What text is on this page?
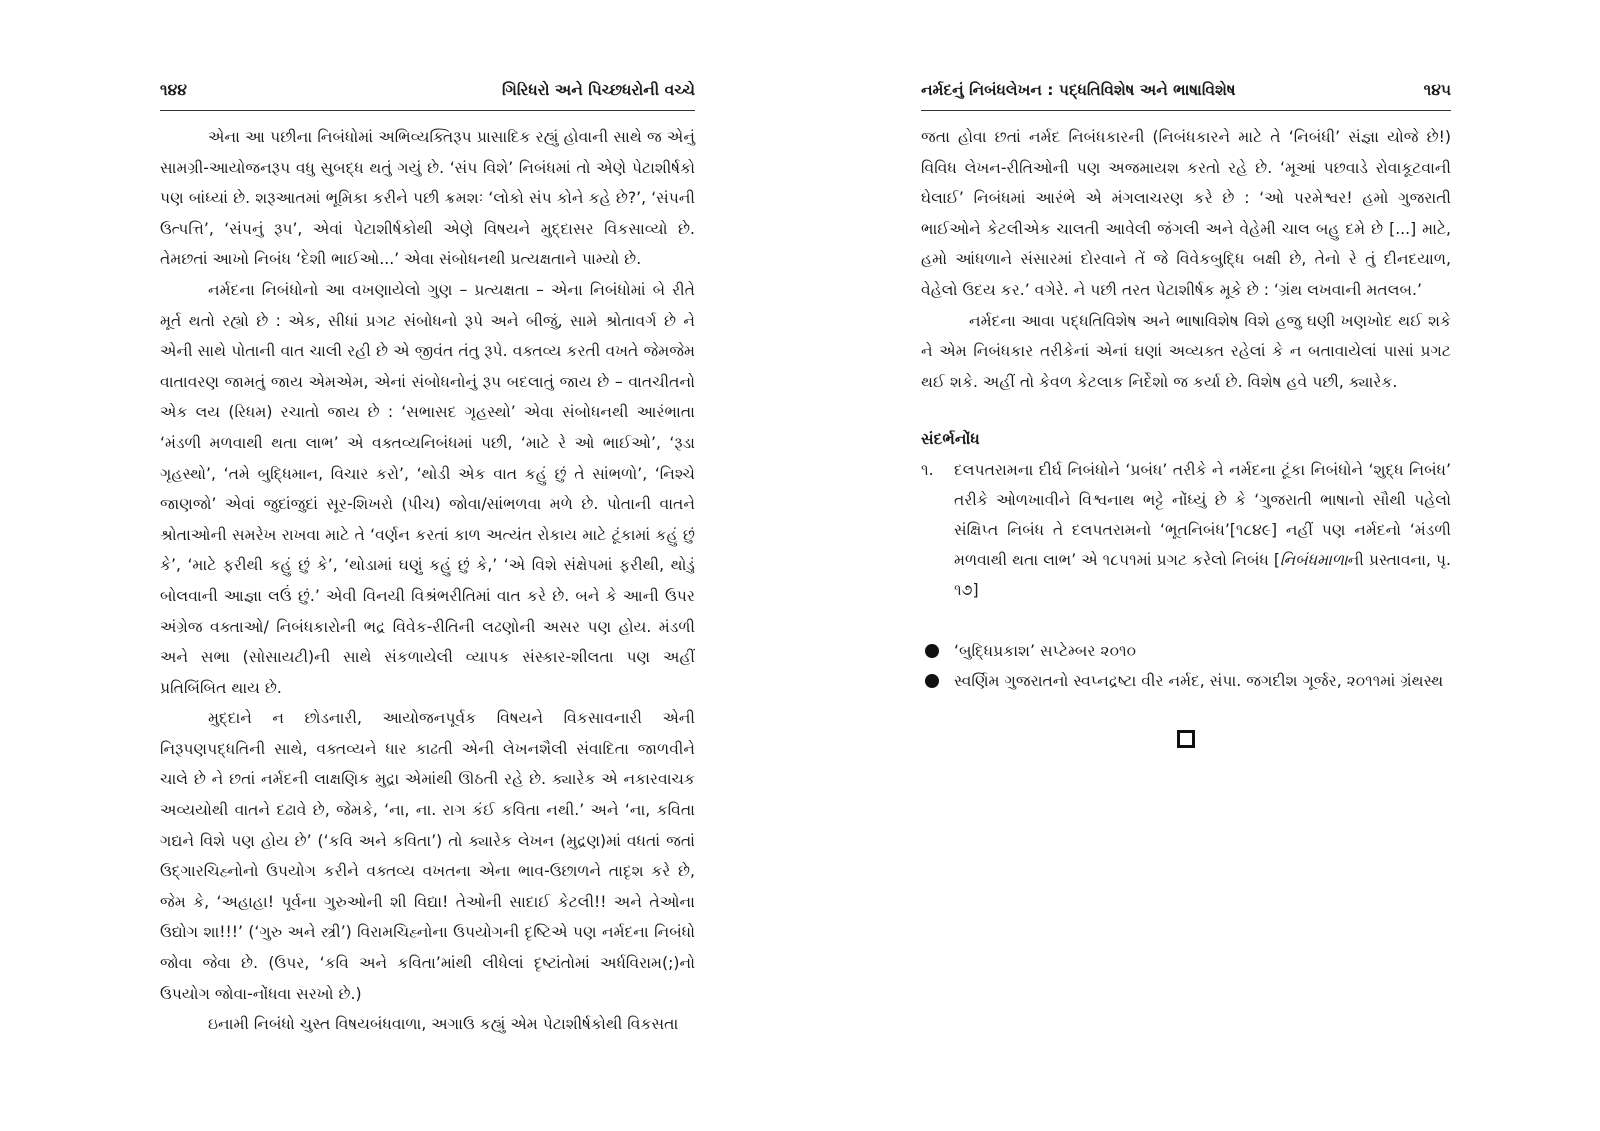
૧૪૪	ગિરિધરો અને પિચ્છધરોની વચ્ચે

એના આ પછીના નિબંધોમાં અભિવ્યક્તિરૂપ પ્રાસાદિક રહ્યું હોવાની સાથે જ એનું સામગ્રી-આયોજનરૂપ વધુ સુબદ્ધ થતું ગયું છે. ‘સંપ વિશે’ નિબંધમાં તો એણે પેટાશીર્ષકો પણ બાંધ્યાં છે. શરૂઆતમાં ભૂમિકા કરીને પછી ક્રમશઃ ‘લોકો સંપ કોને કહે છે?’, ‘સંપની ઉત્પત્તિ’, ‘સંપનું રૂપ’, એવાં પેટાશીર્ષકોથી એણે વિષયને મુદ્દાસર વિકસાવ્યો છે. તેમછતાં આખો નિબંધ ‘દેશી ભાઈઓ...’ એવા સંબોધનથી પ્રત્યક્ષતાને પામ્યો છે.

નર્મદના નિબંધોનો આ વખણાયેલો ગુણ – પ્રત્યક્ષતા – એના નિબંધોમાં બે રીતે મૂર્ત થતો રહ્યો છે : એક, સીધાં પ્રગટ સંબોધનો રૂપે અને બીજું, સામે શ્રોતાવર્ગ છે ને એની સાથે પોતાની વાત ચાલી રહી છે એ જીવંત તંતુ રૂપે. વક્તવ્ય કરતી વખતે જેમજેમ વાતાવરણ જામતું જાય એમએમ, એનાં સંબોધનોનું રૂપ બદલાતું જાય છે – વાતચીતનો એક લય (રિધમ) રચાતો જાય છે : ‘સભાસદ ગૃહસ્થો’ એવા સંબોધનથી આરંભાતા ‘મંડળી મળવાથી થતા લાભ’ એ વક્તવ્યનિબંધમાં પછી, ‘માટે રે ઓ ભાઈઓ’, ‘રૂડા ગૃહસ્થો’, ‘તમે બુદ્ધિમાન, વિચાર કરો’, ‘થોડી એક વાત કહું છું તે સાંભળો’, ‘નિશ્ચે જાણજો’ એવાં જુદાંજુદાં સૂર-શિખરો (પીચ) જોવા/સાંભળવા મળે છે. પોતાની વાતને શ્રોતાઓની સમરેખ રાખવા માટે તે ‘વર્ણન કરતાં કાળ અત્યંત રોકાય માટે ટૂંકામાં કહું છું કે’, ‘માટે ફરીથી કહું છું કે’, ‘થોડામાં ઘણું કહું છું કે,’ ‘એ વિશે સંક્ષેપમાં ફરીથી, થોડું બોલવાની આજ્ઞા લઉં છું.’ એવી વિનયી વિશ્રંભરીતિમાં વાત કરે છે. બને કે આની ઉપર અંગ્રેજ વક્તાઓ/ નિબંધકારોની ભદ્ર વિવેક-રીતિની લઢણોની અસર પણ હોય. મંડળી અને સભા (સોસાયટી)ની સાથે સંકળાયેલી વ્યાપક સંસ્કાર-શીલતા પણ અહીં પ્રતિબિંબિત થાય છે.

મુદ્દાને ન છોડનારી, આયોજનપૂર્વક વિષયને વિકસાવનારી એની નિરૂપણપદ્ધતિની સાથે, વક્તવ્યને ધાર કાઢતી એની લેખનશૈલી સંવાદિતા જાળવીને ચાલે છે ને છતાં નર્મદની લાક્ષણિક મુદ્રા એમાંથી ઊઠતી રહે છે. ક્યારેક એ નકારવાચક અવ્યયોથી વાતને દઢાવે છે, જેમકે, ‘ના, ના. રાગ કંઈ કવિતા નથી.’ અને ‘ના, કવિતા ગદ્યને વિશે પણ હોય છે’ (‘કવિ અને કવિતા’) તો ક્યારેક લેખન (મુદ્રણ)માં વધતાં જતાં ઉદ્‌ગારચિહ્નોનો ઉપયોગ કરીને વક્તવ્ય વખતના એના ભાવ-ઉછાળને તાદૃશ કરે છે, જેમ કે, ‘અહાહા! પૂર્વના ગુરુઓની શી વિદ્યા! તેઓની સાદાઈ કેટલી!! અને તેઓના ઉદ્યોગ શા!!!’ (‘ગુરુ અને સ્ત્રી’) વિરામચિહ્નોના ઉપયોગની દૃષ્ટિએ પણ નર્મદના નિબંધો જોવા જેવા છે. (ઉપર, ‘કવિ અને કવિતા’માંથી લીધેલાં દૃષ્ટાંતોમાં અર્ધવિરામ(;)નો ઉપયોગ જોવા-નોંધવા સરખો છે.)

ઇનામી નિબંધો ચુસ્ત વિષયબંધવાળા, અગાઉ કહ્યું એમ પેટાશીર્ષકોથી વિકસતા

નર્મદનું નિબંધલેખન : પદ્ધતિવિશેષ અને ભાષાવિશેષ	૧૪૫
જતા હોવા છતાં નર્મદ નિબંધકારની (નિબંધકારને માટે તે ‘નિબંધી’ સંજ્ઞા યોજે છે!) વિવિધ લેખન-રીતિઓની પણ અજમાયશ કરતો રહે છે. ‘મૂઆં પછવાડે રોવાકૂટવાની ઘેલાઈ’ નિબંધમાં આરંભે એ મંગલાચરણ કરે છે : ‘ઓ પરમેશ્વર! હમો ગુજરાતી ભાઈઓને કેટલીએક ચાલતી આવેલી જંગલી અને વેહેમી ચાલ બહુ દમે છે [...] માટે, હમો આંધળાને સંસારમાં દોરવાને તેં જે વિવેકબુદ્ધિ બક્ષી છે, તેનો રે તું દીનદયાળ, વેહેલો ઉદય કર.’ વગેરે. ને પછી તરત પેટાશીર્ષક મૂકે છે : ‘ગ્રંથ લખવાની મતલબ.’

નર્મદના આવા પદ્ધતિવિશેષ અને ભાષાવિશેષ વિશે હજુ ઘણી ખણખોદ થઈ શકે ને એમ નિબંધકાર તરીકેનાં એનાં ઘણાં અવ્યક્ત રહેલાં કે ન બતાવાયેલાં પાસાં પ્રગટ થઈ શકે. અહીં તો કેવળ કેટલાક નિર્દેશો જ કર્યા છે. વિશેષ હવે પછી, ક્યારેક.

સંદર્ભનોંધ
૧. દલપતરામના દીર્ઘ નિબંધોને ‘પ્રબંધ’ તરીકે ને નર્મદના ટૂંકા નિબંધોને ‘શુદ્ધ નિબંધ’ તરીકે ઓળખાવીને વિશ્વનાથ ભટ્ટે નોંધ્યું છે કે ‘ગુજરાતી ભાષાનો સૌથી પહેલો સંક્ષિપ્ત નિબંધ તે દલપતરામનો ‘ભૂતનિબંધ’[૧૮૪૯] નહીં પણ નર્મદનો ‘મંડળી મળવાથી થતા લાભ’ એ ૧૮૫૧માં પ્રગટ કરેલો નિબંધ [નિબંધમાળાની પ્રસ્તાવના, પૃ. ૧૭]
‘બુદ્ધિપ્રકાશ’ સપ્ટેમ્બર ૨૦૧૦
સ્વર્ણિમ ગુજરાતનો સ્વપ્નદ્રષ્ટા વીર નર્મદ, સંપા. જગદીશ ગૂર્જર, ૨૦૧૧માં ગ્રંથસ્થ
